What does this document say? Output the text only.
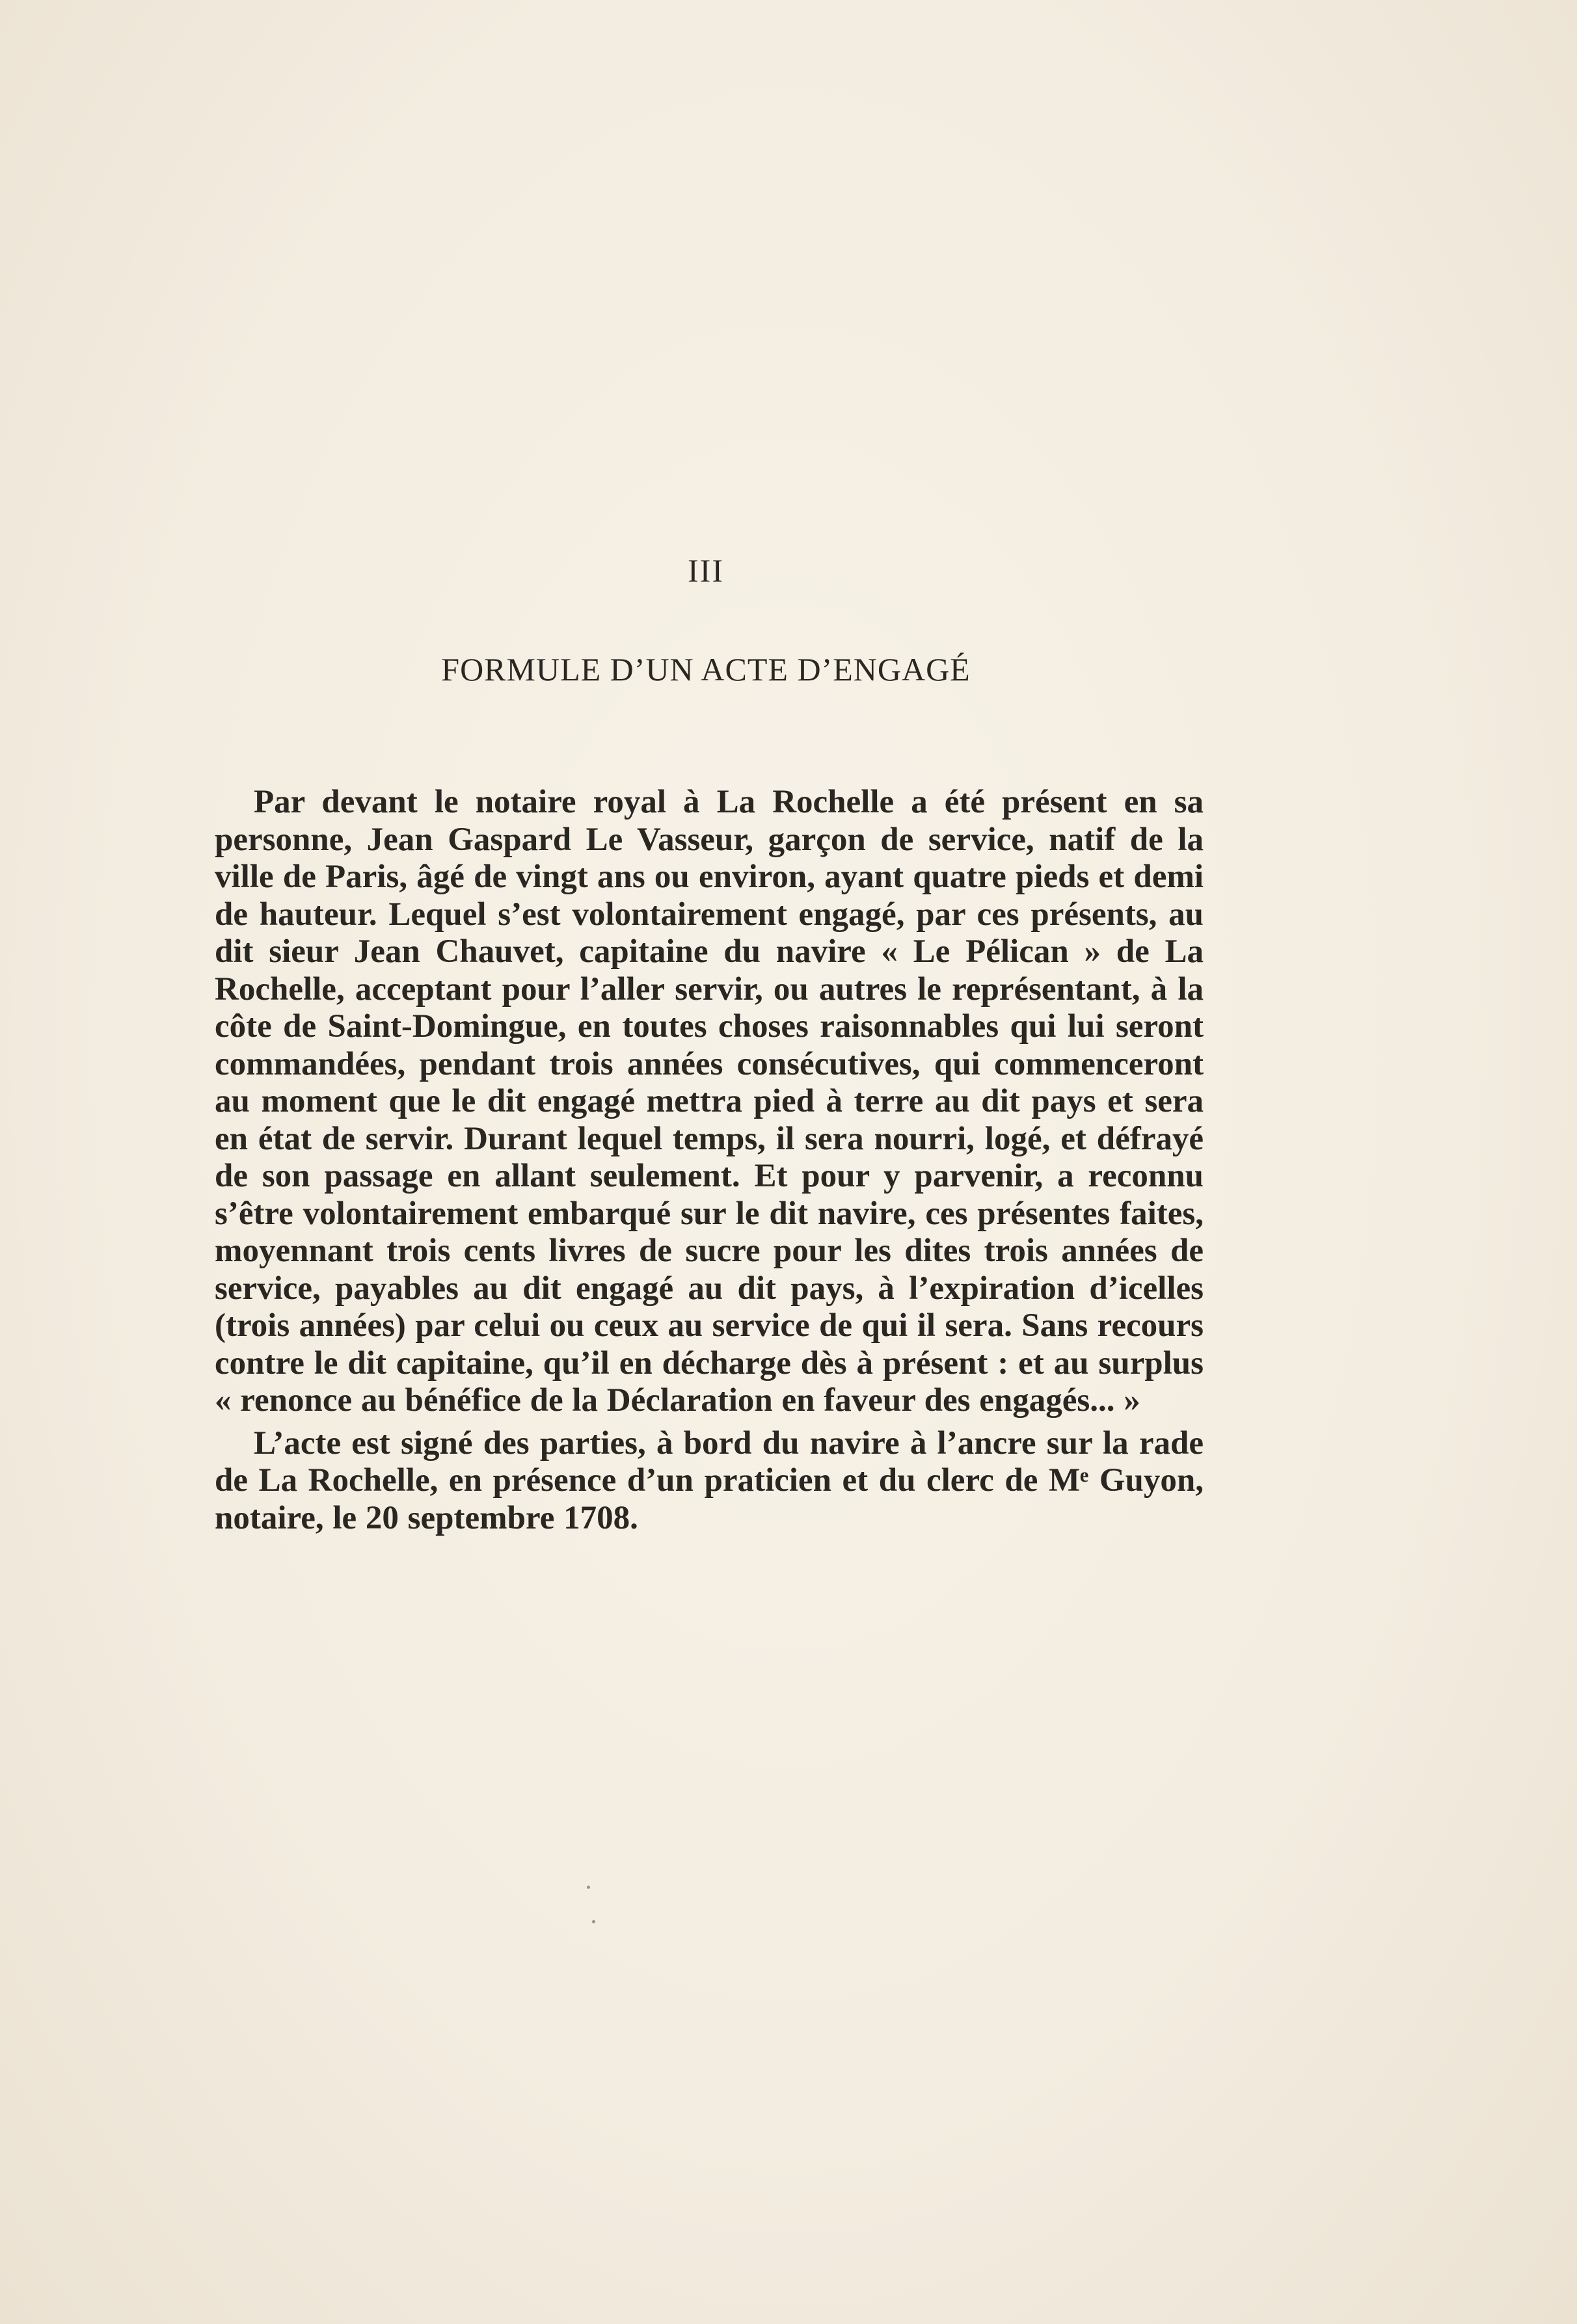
III
FORMULE D’UN ACTE D’ENGAGÉ

Par devant le notaire royal à La Rochelle a été présent en sa personne, Jean Gaspard Le Vasseur, garçon de service, natif de la ville de Paris, âgé de vingt ans ou environ, ayant quatre pieds et demi de hauteur. Lequel s’est volontairement engagé, par ces présents, au dit sieur Jean Chauvet, capitaine du navire « Le Pélican » de La Rochelle, acceptant pour l’aller servir, ou autres le représentant, à la côte de Saint-Domingue, en toutes choses raisonnables qui lui seront commandées, pendant trois années consécutives, qui commenceront au moment que le dit engagé mettra pied à terre au dit pays et sera en état de servir. Durant lequel temps, il sera nourri, logé, et défrayé de son passage en allant seulement. Et pour y parvenir, a reconnu s’être volontairement embarqué sur le dit navire, ces présentes faites, moyennant trois cents livres de sucre pour les dites trois années de service, payables au dit engagé au dit pays, à l’expiration d’icelles (trois années) par celui ou ceux au service de qui il sera. Sans recours contre le dit capitaine, qu’il en décharge dès à présent : et au surplus « renonce au bénéfice de la Déclaration en faveur des engagés... »

L’acte est signé des parties, à bord du navire à l’ancre sur la rade de La Rochelle, en présence d’un praticien et du clerc de Mᵉ Guyon, notaire, le 20 septembre 1708.
